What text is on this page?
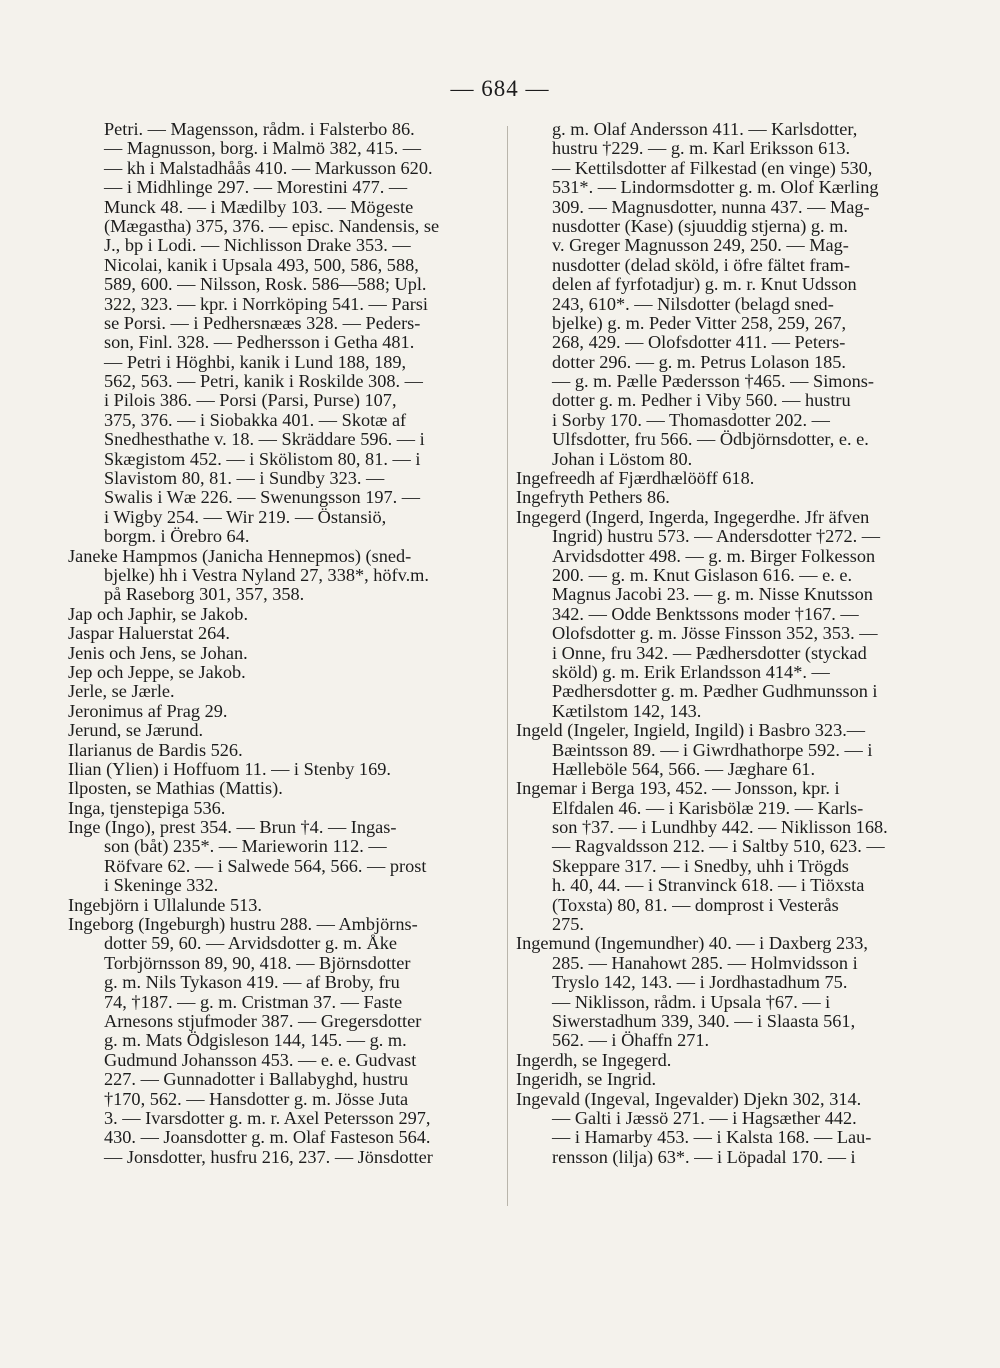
— 684 —
Petri. — Magensson, rådm. i Falsterbo 86.
— Magnusson, borg. i Malmö 382, 415. —
— kh i Malstadhåås 410. — Markusson 620.
— i Midhlinge 297. — Morestini 477. —
Munck 48. — i Mædilby 103. — Mögeste
(Mægastha) 375, 376. — episc. Nandensis, se
J., bp i Lodi. — Nichlisson Drake 353. —
Nicolai, kanik i Upsala 493, 500, 586, 588,
589, 600. — Nilsson, Rosk. 586—588; Upl.
322, 323. — kpr. i Norrköping 541. — Parsi
se Porsi. — i Pedhersnææs 328. — Peders-
son, Finl. 328. — Pedhersson i Getha 481.
— Petri i Höghbi, kanik i Lund 188, 189,
562, 563. — Petri, kanik i Roskilde 308. —
i Pilois 386. — Porsi (Parsi, Purse) 107,
375, 376. — i Siobakka 401. — Skotæ af
Snedhesthathe v. 18. — Skräddare 596. — i
Skægistom 452. — i Skölistom 80, 81. — i
Slavistom 80, 81. — i Sundby 323. —
Swalis i Wæ 226. — Swenungsson 197. —
i Wigby 254. — Wir 219. — Östansiö,
borgm. i Örebro 64.
Janeke Hampmos (Janicha Hennepmos) (sned-
bjelke) hh i Vestra Nyland 27, 338*, höfv.m.
på Raseborg 301, 357, 358.
Jap och Japhir, se Jakob.
Jaspar Haluerstat 264.
Jenis och Jens, se Johan.
Jep och Jeppe, se Jakob.
Jerle, se Jærle.
Jeronimus af Prag 29.
Jerund, se Jærund.
Ilarianus de Bardis 526.
Ilian (Ylien) i Hoffuom 11. — i Stenby 169.
Ilposten, se Mathias (Mattis).
Inga, tjenstepiga 536.
Inge (Ingo), prest 354. — Brun †4. — Ingas-
son (båt) 235*. — Marieworin 112. —
Röfvare 62. — i Salwede 564, 566. — prost
i Skeninge 332.
Ingebjörn i Ullalunde 513.
Ingeborg (Ingeburgh) hustru 288. — Ambjörns-
dotter 59, 60. — Arvidsdotter g. m. Åke
Torbjörnsson 89, 90, 418. — Björnsdotter
g. m. Nils Tykason 419. — af Broby, fru
74, †187. — g. m. Cristman 37. — Faste
Arnesons stjufmoder 387. — Gregersdotter
g. m. Mats Ödgisleson 144, 145. — g. m.
Gudmund Johansson 453. — e. e. Gudvast
227. — Gunnadotter i Ballabyghd, hustru
†170, 562. — Hansdotter g. m. Jösse Juta
3. — Ivarsdotter g. m. r. Axel Petersson 297,
430. — Joansdotter g. m. Olaf Fasteson 564.
— Jonsdotter, husfru 216, 237. — Jönsdotter
g. m. Olaf Andersson 411. — Karlsdotter,
hustru †229. — g. m. Karl Eriksson 613.
— Kettilsdotter af Filkestad (en vinge) 530,
531*. — Lindormsdotter g. m. Olof Kærling
309. — Magnusdotter, nunna 437. — Mag-
nusdotter (Kase) (sjuuddig stjerna) g. m.
v. Greger Magnusson 249, 250. — Mag-
nusdotter (delad sköld, i öfre fältet fram-
delen af fyrfotadjur) g. m. r. Knut Udsson
243, 610*. — Nilsdotter (belagd sned-
bjelke) g. m. Peder Vitter 258, 259, 267,
268, 429. — Olofsdotter 411. — Peters-
dotter 296. — g. m. Petrus Lolason 185.
— g. m. Pælle Pædersson †465. — Simons-
dotter g. m. Pedher i Viby 560. — hustru
i Sorby 170. — Thomasdotter 202. —
Ulfsdotter, fru 566. — Ödbjörnsdotter, e. e.
Johan i Löstom 80.
Ingefreedh af Fjærdhælööff 618.
Ingefryth Pethers 86.
Ingegerd (Ingerd, Ingerda, Ingegerdhe. Jfr äfven
Ingrid) hustru 573. — Andersdotter †272. —
Arvidsdotter 498. — g. m. Birger Folkesson
200. — g. m. Knut Gislason 616. — e. e.
Magnus Jacobi 23. — g. m. Nisse Knutsson
342. — Odde Benktssons moder †167. —
Olofsdotter g. m. Jösse Finsson 352, 353. —
i Onne, fru 342. — Pædhersdotter (styckad
sköld) g. m. Erik Erlandsson 414*. —
Pædhersdotter g. m. Pædher Gudhmunsson i
Kætilstom 142, 143.
Ingeld (Ingeler, Ingield, Ingild) i Basbro 323.—
Bæintsson 89. — i Giwrdhathorpe 592. — i
Hælleböle 564, 566. — Jæghare 61.
Ingemar i Berga 193, 452. — Jonsson, kpr. i
Elfdalen 46. — i Karisbölæ 219. — Karls-
son †37. — i Lundhby 442. — Niklisson 168.
— Ragvaldsson 212. — i Saltby 510, 623. —
Skeppare 317. — i Snedby, uhh i Trögds
h. 40, 44. — i Stranvinck 618. — i Tiöxsta
(Toxsta) 80, 81. — domprost i Vesterås
275.
Ingemund (Ingemundher) 40. — i Daxberg 233,
285. — Hanahowt 285. — Holmvidsson i
Tryslo 142, 143. — i Jordhastadhum 75.
— Niklisson, rådm. i Upsala †67. — i
Siwerstadhum 339, 340. — i Slaasta 561,
562. — i Öhaffn 271.
Ingerdh, se Ingegerd.
Ingeridh, se Ingrid.
Ingevald (Ingeval, Ingevalder) Djekn 302, 314.
— Galti i Jæssö 271. — i Hagsæther 442.
— i Hamarby 453. — i Kalsta 168. — Lau-
rensson (lilja) 63*. — i Löpadal 170. — i
